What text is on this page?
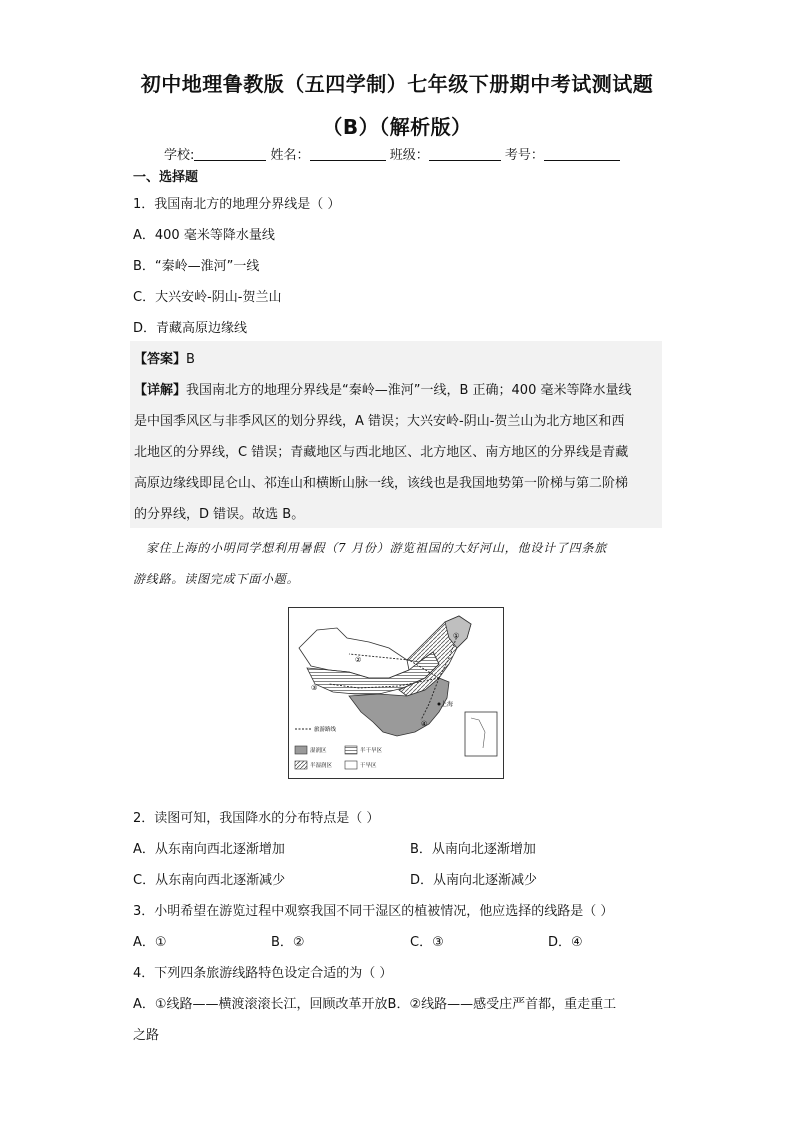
初中地理鲁教版（五四学制）七年级下册期中考试测试题
（B）（解析版）
学校:	姓名：	班级：	考号：
一、选择题
1．我国南北方的地理分界线是（ ）
A．400 毫米等降水量线
B．“秦岭—淮河”一线
C．大兴安岭-阴山-贺兰山
D．青藏高原边缘线
【答案】B
【详解】我国南北方的地理分界线是“秦岭—淮河”一线，B 正确；400 毫米等降水量线
是中国季风区与非季风区的划分界线，A 错误；大兴安岭-阴山-贺兰山为北方地区和西
北地区的分界线，C 错误；青藏地区与西北地区、北方地区、南方地区的分界线是青藏
高原边缘线即昆仑山、祁连山和横断山脉一线，该线也是我国地势第一阶梯与第二阶梯
的分界线，D 错误。故选 B。
家住上海的小明同学想利用暑假（7 月份）游览祖国的大好河山，他设计了四条旅
游线路。读图完成下面小题。
①
②
③
④
上海
旅游路线
湿润区	半干旱区
半湿润区	干旱区
2．读图可知，我国降水的分布特点是（ ）
A．从东南向西北逐渐增加	B．从南向北逐渐增加
C．从东南向西北逐渐减少	D．从南向北逐渐减少
3．小明希望在游览过程中观察我国不同干湿区的植被情况，他应选择的线路是（ ）
A．①	B．②	C．③	D．④
4．下列四条旅游线路特色设定合适的为（ ）
A．①线路——横渡滚滚长江，回顾改革开放B．②线路——感受庄严首都，重走重工
之路
